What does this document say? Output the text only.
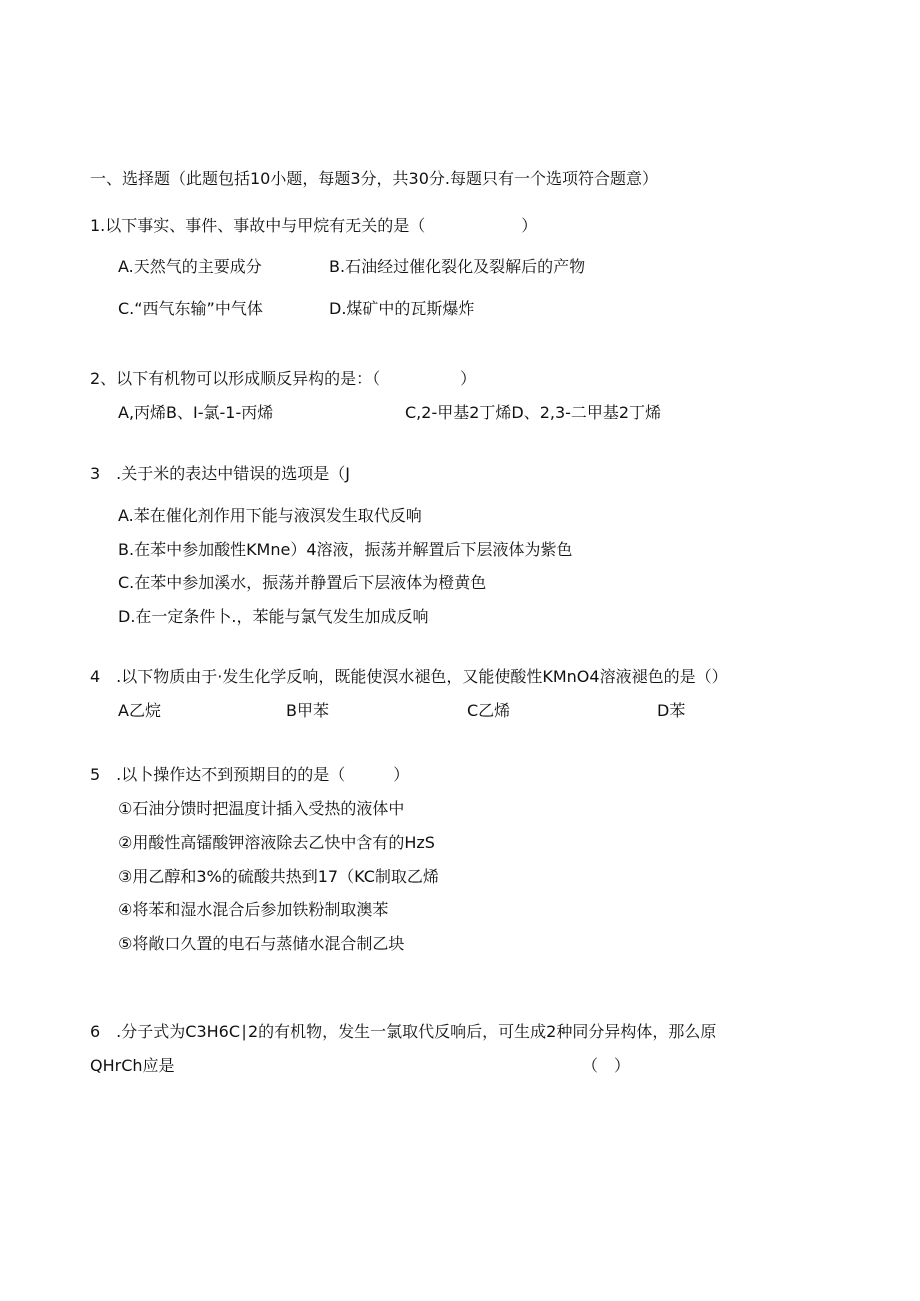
一、选择题（此题包括10小题，每题3分，共30分.每题只有一个选项符合题意）
1.以下事实、事件、事故中与甲烷有无关的是（　　　　　　）
A.天然气的主要成分	B.石油经过催化裂化及裂解后的产物
C.“西气东输”中气体	D.煤矿中的瓦斯爆炸
2、以下有机物可以形成顺反异构的是：（　　　　　）
A,丙烯B、I-氯-1-丙烯	C,2-甲基2丁烯D、2,3-二甲基2丁烯
3　.关于米的表达中错误的选项是（J
A.苯在催化剂作用下能与液溟发生取代反响
B.在苯中参加酸性KMne）4溶液，振荡并解置后下层液体为紫色
C.在苯中参加溪水，振荡并静置后下层液体为橙黄色
D.在一定条件卜.，苯能与氯气发生加成反响
4　.以下物质由于·发生化学反响，既能使溟水褪色，又能使酸性KMnO4溶液褪色的是（）
A乙烷	B甲苯	C乙烯	D苯
5　.以卜操作达不到预期目的的是（　　　）
①石油分馈时把温度计插入受热的液体中
②用酸性高镭酸钾溶液除去乙快中含有的HzS
③用乙醇和3%的硫酸共热到17（KC制取乙烯
④将苯和湿水混合后参加铁粉制取澳苯
⑤将敞口久置的电石与蒸储水混合制乙块
6　.分子式为C3H6C∣2的有机物，发生一氯取代反响后，可生成2种同分异构体，那么原
QHrCh应是	（　）
